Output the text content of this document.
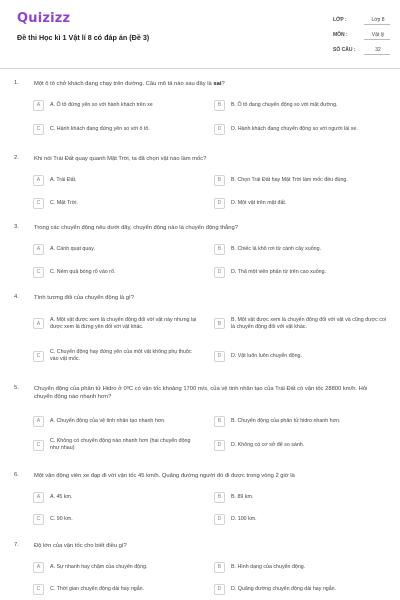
Quizizz
Đề thi Học kì 1 Vật lí 8 có đáp án (Đề 3)
LỚP :	Lớp 8
MÔN :	Vật lý
SỐ CÂU :	32
1.	Một ô tô chở khách đang chạy trên đường. Câu mô tả nào sau đây là sai?
A	A. Ô tô đứng yên so với hành khách trên xe	B	B. Ô tô đang chuyển động so với mặt đường.
C	C. Hành khách đang đứng yên so với ô tô.	D	D. Hành khách đang chuyển động so với người lái xe.
2.	Khi nói Trái Đất quay quanh Mặt Trời, ta đã chọn vật nào làm mốc?
A	A. Trái Đất.	B	B. Chọn Trái Đất hay Mặt Trời làm mốc đều đúng.
C	C. Mặt Trời.	D	D. Một vật trên mặt đất.
3.	Trong các chuyển động nêu dưới đây, chuyển động nào là chuyển động thẳng?
A	A. Cánh quạt quay.	B	B. Chiếc lá khô rơi từ cành cây xuống.
C	C. Ném quả bóng rổ vào rổ.	D	D. Thả một viên phấn từ trên cao xuống.
4.	Tính tương đối của chuyển động là gì?
A
A. Một vật được xem là chuyển động đối với vật này nhưng lại được xem là đứng yên đối với vật khác.	B
B. Một vật được xem là chuyển động đối với vật và cũng được coi là chuyển động đối với vật khác.
C
C. Chuyển động hay đứng yên của một vật không phụ thuộc vào vật mốc.	D	D. Vật luôn luôn chuyển động.
5.	Chuyển động của phân tử Hidro ở 0ºC có vận tốc khoảng 1700 m/s, của vệ tinh nhân tạo của Trái Đất có vận tốc 28800 km/h. Hỏi chuyển động nào nhanh hơn?
A	A. Chuyển động của vệ tinh nhân tạo nhanh hơn.	B	B. Chuyển động của phân tử hidro nhanh hơn.
C
C. Không có chuyển động nào nhanh hơn (hai chuyển động như nhau)	D	D. Không có cơ sở để so sánh.
6.	Một vận động viên xe đạp đi với vận tốc 45 km/h. Quãng đường người đó đi được trong vòng 2 giờ là
A	A. 45 km.	B	B. 89 km.
C	C. 90 km.	D	D. 100 km.
7.	Độ lớn của vận tốc cho biết điều gì?
A	A. Sự nhanh hay chậm của chuyển động.	B	B. Hình dạng của chuyển động.
C	C. Thời gian chuyển động dài hay ngắn.	D	D. Quãng đường chuyển động dài hay ngắn.
